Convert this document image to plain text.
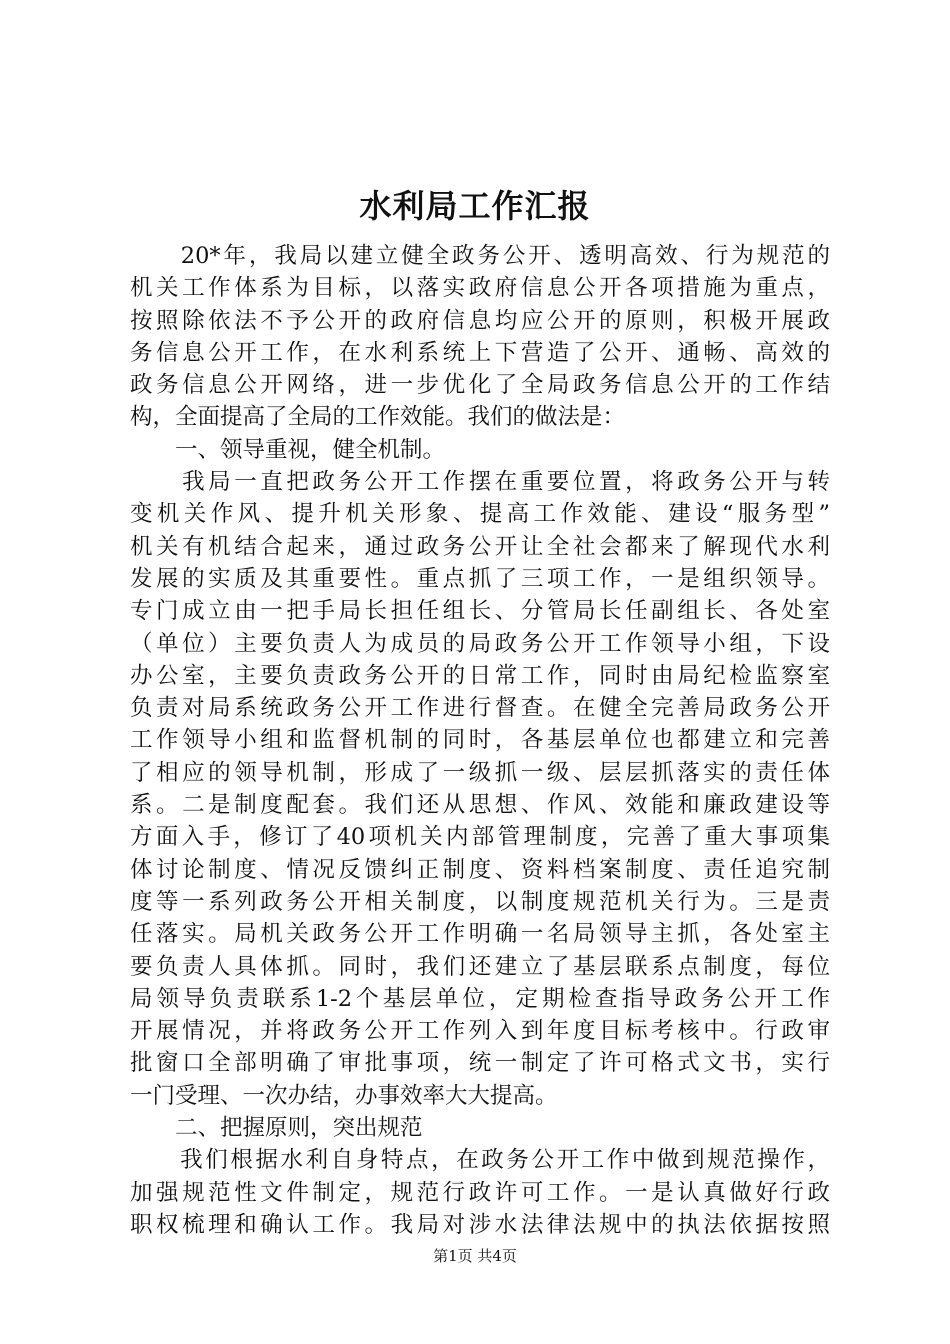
水利局工作汇报
　　20*年，我局以建立健全政务公开、透明高效、行为规范的
机关工作体系为目标，以落实政府信息公开各项措施为重点，
按照除依法不予公开的政府信息均应公开的原则，积极开展政
务信息公开工作，在水利系统上下营造了公开、通畅、高效的
政务信息公开网络，进一步优化了全局政务信息公开的工作结
构，全面提高了全局的工作效能。我们的做法是：
　　一、领导重视，健全机制。
　　我局一直把政务公开工作摆在重要位置，将政务公开与转
变机关作风、提升机关形象、提高工作效能、建设“服务型”
机关有机结合起来，通过政务公开让全社会都来了解现代水利
发展的实质及其重要性。重点抓了三项工作，一是组织领导。
专门成立由一把手局长担任组长、分管局长任副组长、各处室
（单位）主要负责人为成员的局政务公开工作领导小组，下设
办公室，主要负责政务公开的日常工作，同时由局纪检监察室
负责对局系统政务公开工作进行督查。在健全完善局政务公开
工作领导小组和监督机制的同时，各基层单位也都建立和完善
了相应的领导机制，形成了一级抓一级、层层抓落实的责任体
系。二是制度配套。我们还从思想、作风、效能和廉政建设等
方面入手，修订了40项机关内部管理制度，完善了重大事项集
体讨论制度、情况反馈纠正制度、资料档案制度、责任追究制
度等一系列政务公开相关制度，以制度规范机关行为。三是责
任落实。局机关政务公开工作明确一名局领导主抓，各处室主
要负责人具体抓。同时，我们还建立了基层联系点制度，每位
局领导负责联系1-2个基层单位，定期检查指导政务公开工作
开展情况，并将政务公开工作列入到年度目标考核中。行政审
批窗口全部明确了审批事项，统一制定了许可格式文书，实行
一门受理、一次办结，办事效率大大提高。
　　二、把握原则，突出规范
　　我们根据水利自身特点，在政务公开工作中做到规范操作，
加强规范性文件制定，规范行政许可工作。一是认真做好行政
职权梳理和确认工作。我局对涉水法律法规中的执法依据按照
第1页 共4页
